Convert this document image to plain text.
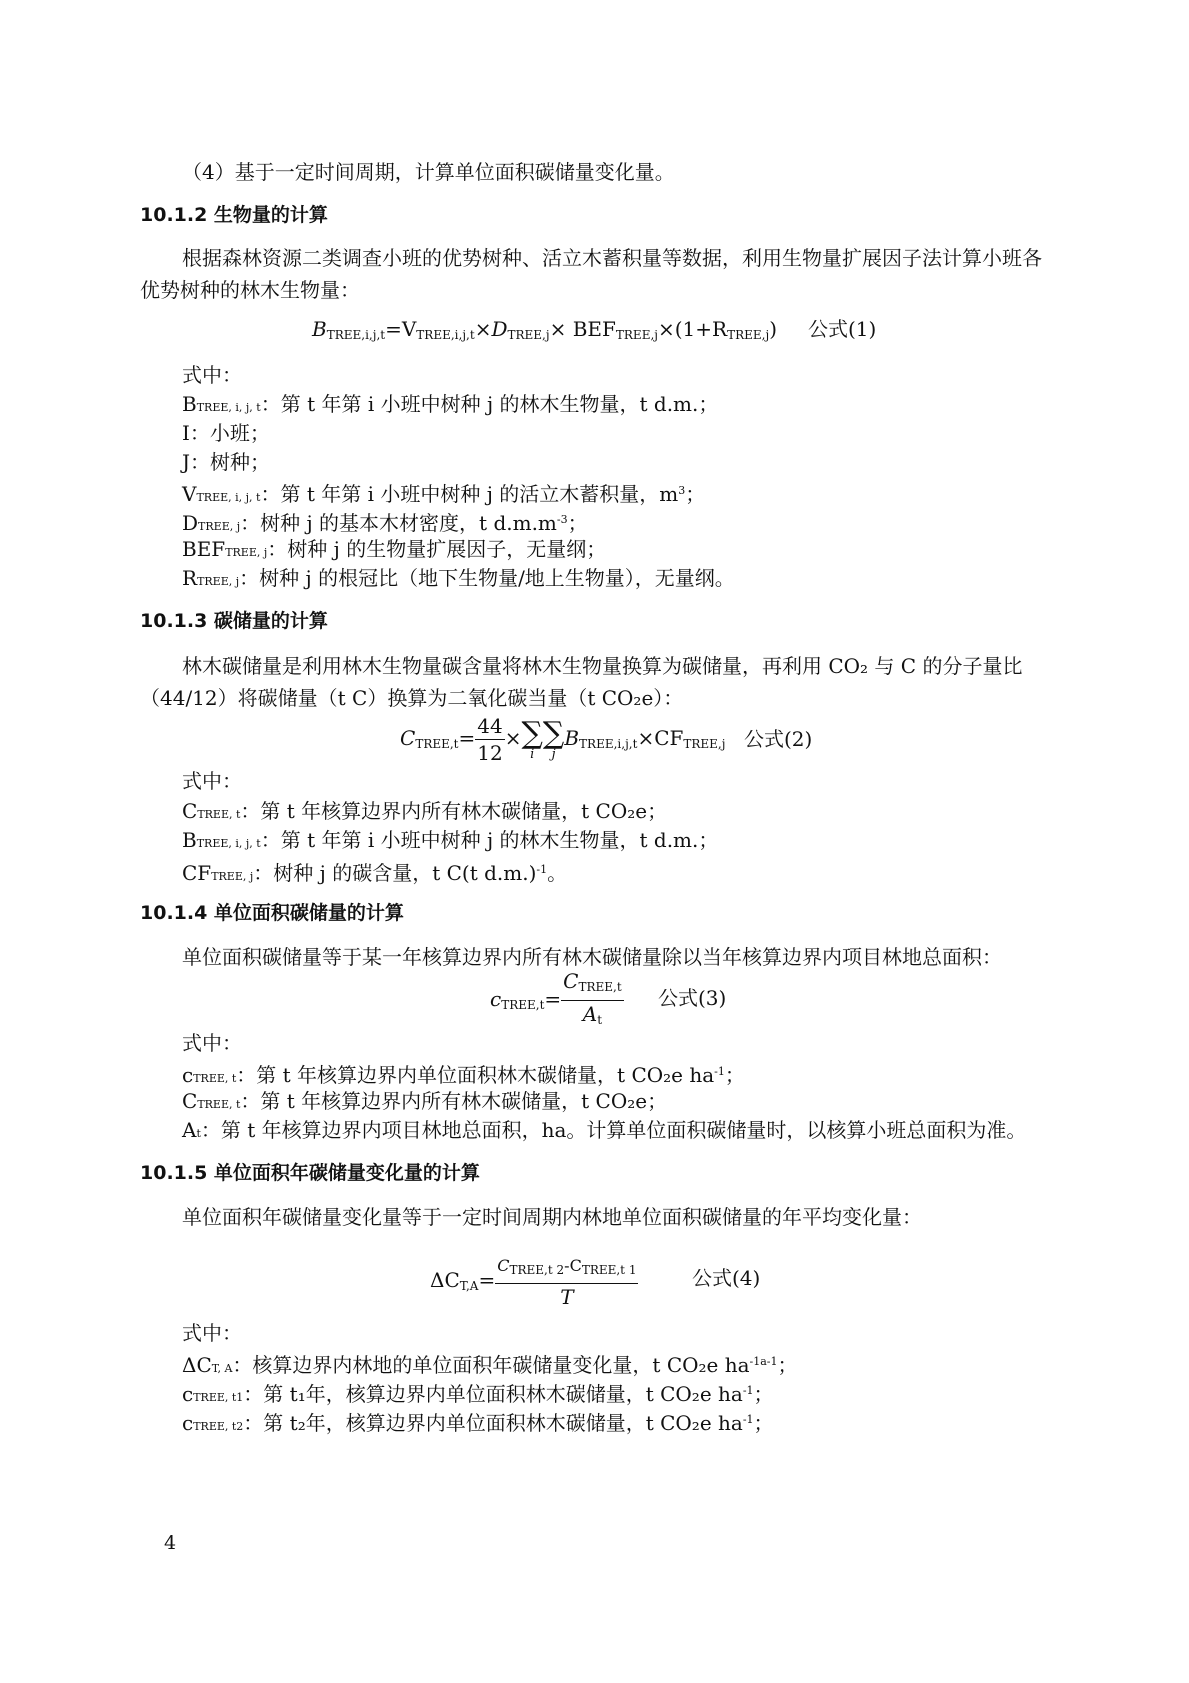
（4）基于一定时间周期，计算单位面积碳储量变化量。
10.1.2 生物量的计算
根据森林资源二类调查小班的优势树种、活立木蓄积量等数据，利用生物量扩展因子法计算小班各优势树种的林木生物量：
BTREE,i,j,t=VTREE,i,j,t×DTREE,j× BEFTREE,j×(1+RTREE,j) 公式(1)
式中：
BTREE, i, j, t：第 t 年第 i 小班中树种 j 的林木生物量，t d.m.；
I：小班；
J：树种；
VTREE, i, j, t：第 t 年第 i 小班中树种 j 的活立木蓄积量，$m^3$；
DTREE, j：树种 j 的基本木材密度，t $d.m.m^{-3}$；
BEFTREE, j：树种 j 的生物量扩展因子，无量纲；
RTREE, j：树种 j 的根冠比（地下生物量/地上生物量），无量纲。
10.1.3 碳储量的计算
林木碳储量是利用林木生物量碳含量将林木生物量换算为碳储量，再利用 CO₂ 与 C 的分子量比（44/12）将碳储量（t C）换算为二氧化碳当量（t CO₂e）：
CTREE,t= $\frac{44}{12}$ ×∑
i
∑
j
BTREE,i,j,t×CFTREE,j 公式(2)
式中：
CTREE, t：第 t 年核算边界内所有林木碳储量，t CO₂e；
BTREE, i, j, t：第 t 年第 i 小班中树种 j 的林木生物量，t d.m.；
CFTREE, j：树种 j 的碳含量，t C(t d.m.)$^{-1}$。
10.1.4 单位面积碳储量的计算
单位面积碳储量等于某一年核算边界内所有林木碳储量除以当年核算边界内项目林地总面积：
cTREE,t= $\frac{\text{CTREE,t}}{At}$ 公式(3)
式中：
cTREE, t：第 t 年核算边界内单位面积林木碳储量，t CO₂e $ha^{-1}$；
CTREE, t：第 t 年核算边界内所有林木碳储量，t CO₂e；
At：第 t 年核算边界内项目林地总面积，ha。计算单位面积碳储量时，以核算小班总面积为准。
10.1.5 单位面积年碳储量变化量的计算
单位面积年碳储量变化量等于一定时间周期内林地单位面积碳储量的年平均变化量：
$\Delta CT,A= \frac{\text{CTREE,t 2-CTREE,t 1}}{T}$	公式(4)
式中：
ΔCT, A：核算边界内林地的单位面积年碳储量变化量，t CO₂e $ha^{-1a-1}$；
cTREE, t1：第 t₁年，核算边界内单位面积林木碳储量，t CO₂e $ha^{-1}$；
cTREE, t2：第 t₂年，核算边界内单位面积林木碳储量，t CO₂e $ha^{-1}$；
4
